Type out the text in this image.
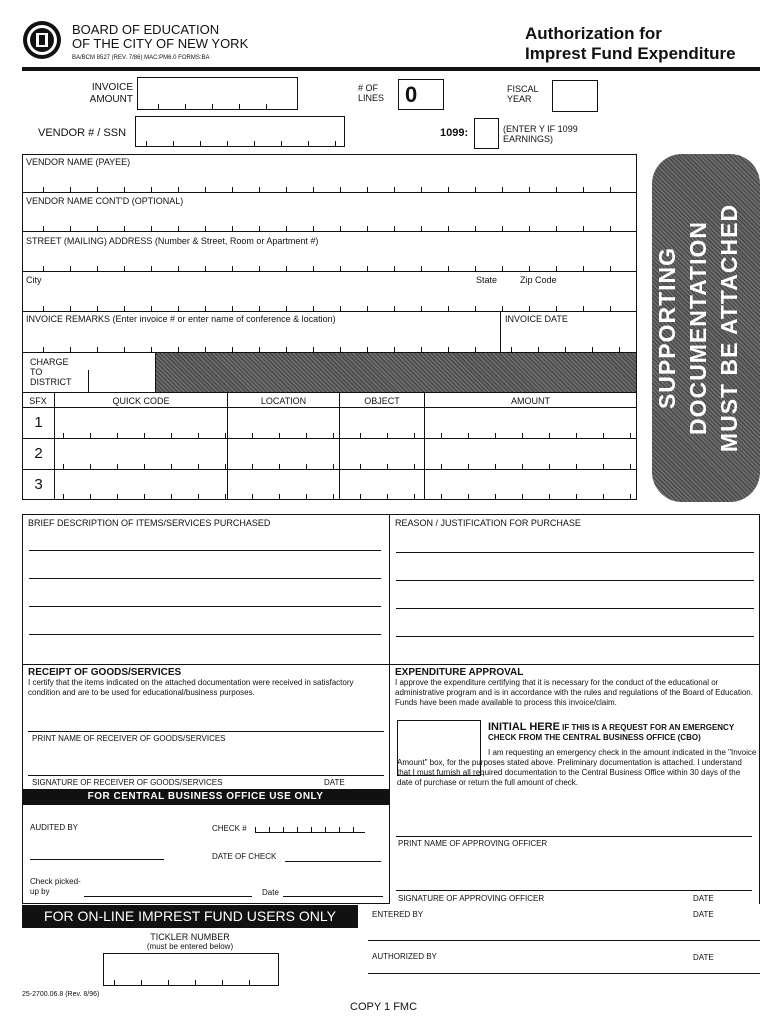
BOARD OF EDUCATION
OF THE CITY OF NEW YORK
BA/BCM 8527 (REV. 7/86) MAC:PM6.0 FORMS:BA
Authorization for
Imprest Fund Expenditure
INVOICE AMOUNT
# OF LINES 0	FISCAL YEAR
VENDOR # / SSN	1099:	(ENTER Y IF 1099 EARNINGS)
VENDOR NAME (PAYEE)
VENDOR NAME CONT'D (OPTIONAL)
STREET (MAILING) ADDRESS (Number & Street, Room or Apartment #)
City	State	Zip Code
INVOICE REMARKS (Enter invoice # or enter name of conference & location)	INVOICE DATE
CHARGE TO DISTRICT
SFX	QUICK CODE	LOCATION	OBJECT	AMOUNT
1
2
3
SUPPORTING DOCUMENTATION MUST BE ATTACHED
BRIEF DESCRIPTION OF ITEMS/SERVICES PURCHASED	REASON / JUSTIFICATION FOR PURCHASE
RECEIPT OF GOODS/SERVICES
I certify that the items indicated on the attached documentation were received in satisfactory condition and are to be used for educational/business purposes.
PRINT NAME OF RECEIVER OF GOODS/SERVICES
SIGNATURE OF RECEIVER OF GOODS/SERVICES	DATE
FOR CENTRAL BUSINESS OFFICE USE ONLY
AUDITED BY	CHECK #
DATE OF CHECK
Check picked-up by	Date
EXPENDITURE APPROVAL
I approve the expenditure certifying that it is necessary for the conduct of the educational or administrative program and is in accordance with the rules and regulations of the Board of Education. Funds have been made available to process this invoice/claim.
INITIAL HERE IF THIS IS A REQUEST FOR AN EMERGENCY CHECK FROM THE CENTRAL BUSINESS OFFICE (CBO)
I am requesting an emergency check in the amount indicated in the "Invoice Amount" box, for the purposes stated above. Preliminary documentation is attached. I understand that I must furnish all required documentation to the Central Business Office within 30 days of the date of purchase or return the full amount of check.
PRINT NAME OF APPROVING OFFICER
SIGNATURE OF APPROVING OFFICER	DATE
FOR ON-LINE IMPREST FUND USERS ONLY	ENTERED BY	DATE
TICKLER NUMBER
(must be entered below)
AUTHORIZED BY	DATE
25-2700.06.8 (Rev. 8/96)
COPY 1 FMC
